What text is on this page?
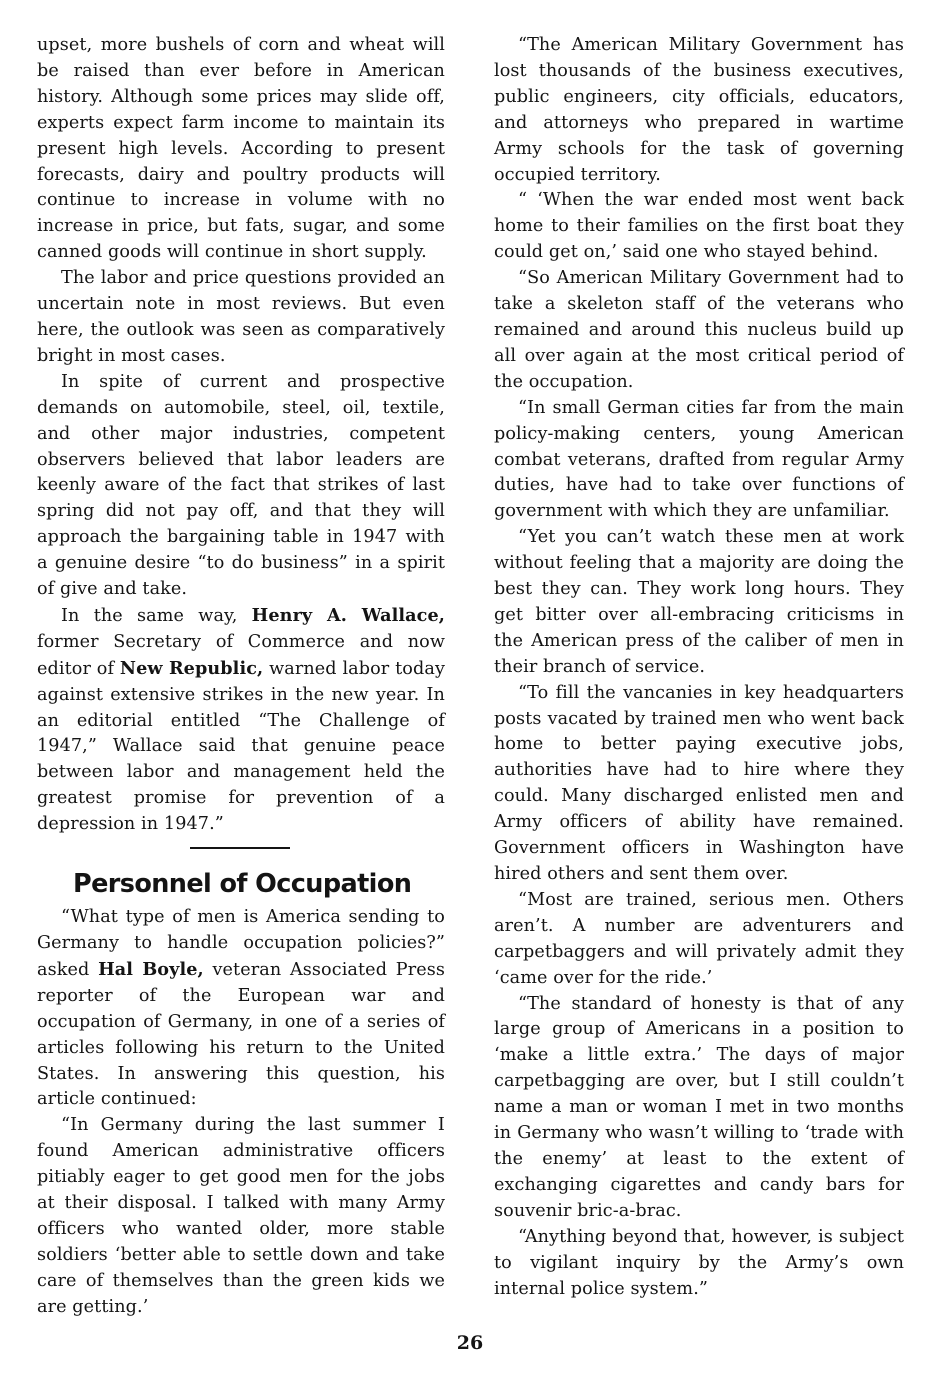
upset, more bushels of corn and wheat will be raised than ever before in American history. Although some prices may slide off, experts expect farm income to maintain its present high levels. According to present forecasts, dairy and poultry products will continue to increase in volume with no increase in price, but fats, sugar, and some canned goods will continue in short supply.

The labor and price questions provided an uncertain note in most reviews. But even here, the outlook was seen as comparatively bright in most cases.

In spite of current and prospective demands on automobile, steel, oil, textile, and other major industries, competent observers believed that labor leaders are keenly aware of the fact that strikes of last spring did not pay off, and that they will approach the bargaining table in 1947 with a genuine desire “to do business” in a spirit of give and take.

In the same way, Henry A. Wallace, former Secretary of Commerce and now editor of New Republic, warned labor today against extensive strikes in the new year. In an editorial entitled “The Challenge of 1947,” Wallace said that genuine peace between labor and management held the greatest promise for prevention of a depression in 1947.”

Personnel of Occupation

“What type of men is America sending to Germany to handle occupation policies?” asked Hal Boyle, veteran Associated Press reporter of the European war and occupation of Germany, in one of a series of articles following his return to the United States. In answering this question, his article continued:

“In Germany during the last summer I found American administrative officers pitiably eager to get good men for the jobs at their disposal. I talked with many Army officers who wanted older, more stable soldiers ‘better able to settle down and take care of themselves than the green kids we are getting.’

“The American Military Government has lost thousands of the business executives, public engineers, city officials, educators, and attorneys who prepared in wartime Army schools for the task of governing occupied territory.

“ ‘When the war ended most went back home to their families on the first boat they could get on,’ said one who stayed behind.

“So American Military Government had to take a skeleton staff of the veterans who remained and around this nucleus build up all over again at the most critical period of the occupation.

“In small German cities far from the main policy-making centers, young American combat veterans, drafted from regular Army duties, have had to take over functions of government with which they are unfamiliar.

“Yet you can’t watch these men at work without feeling that a majority are doing the best they can. They work long hours. They get bitter over all-embracing criticisms in the American press of the caliber of men in their branch of service.

“To fill the vancanies in key headquarters posts vacated by trained men who went back home to better paying executive jobs, authorities have had to hire where they could. Many discharged enlisted men and Army officers of ability have remained. Government officers in Washington have hired others and sent them over.

“Most are trained, serious men. Others aren’t. A number are adventurers and carpetbaggers and will privately admit they ‘came over for the ride.’

“The standard of honesty is that of any large group of Americans in a position to ‘make a little extra.’ The days of major carpetbagging are over, but I still couldn’t name a man or woman I met in two months in Germany who wasn’t willing to ‘trade with the enemy’ at least to the extent of exchanging cigarettes and candy bars for souvenir bric-a-brac.

“Anything beyond that, however, is subject to vigilant inquiry by the Army’s own internal police system.”

26
